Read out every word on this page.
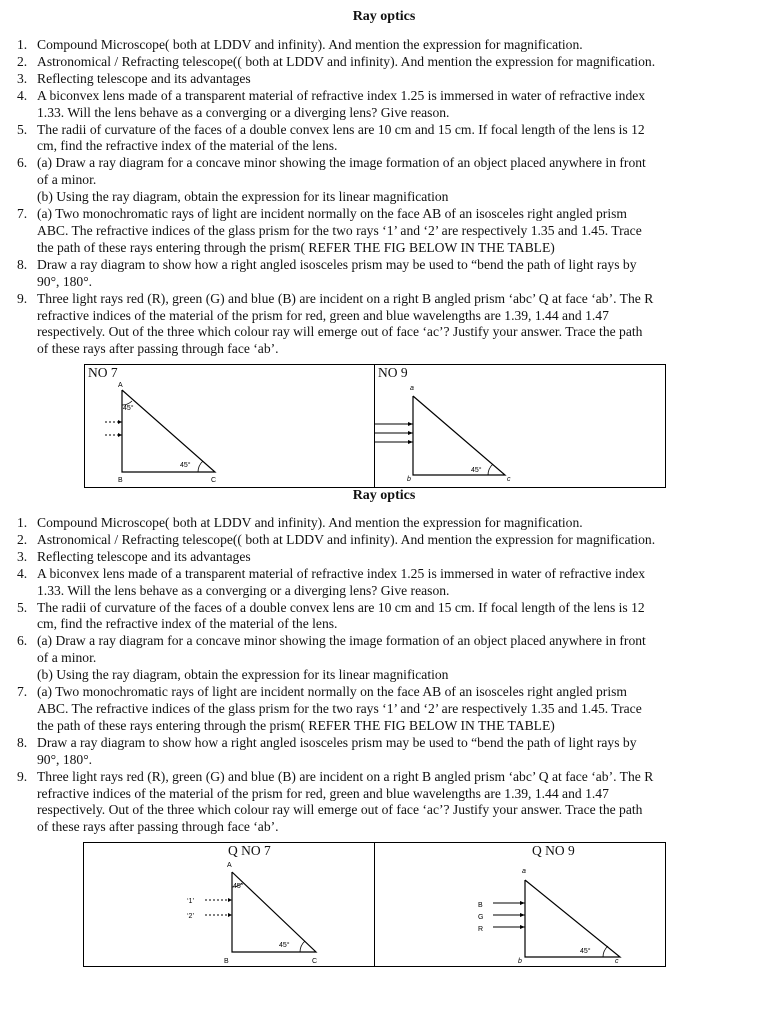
Ray optics

1. Compound Microscope( both at LDDV and infinity). And mention the expression for magnification.
2. Astronomical / Refracting telescope(( both at LDDV and infinity). And mention the expression for magnification.
3. Reflecting telescope and its advantages
4. A biconvex lens made of a transparent material of refractive index 1.25 is immersed in water of refractive index
1.33. Will the lens behave as a converging or a diverging lens? Give reason.
5. The radii of curvature of the faces of a double convex lens are 10 cm and 15 cm. If focal length of the lens is 12
cm, find the refractive index of the material of the lens.
6. (a) Draw a ray diagram for a concave minor showing the image formation of an object placed anywhere in front
of a minor.
(b) Using the ray diagram, obtain the expression for its linear magnification
7. (a) Two monochromatic rays of light are incident normally on the face AB of an isosceles right angled prism
ABC. The refractive indices of the glass prism for the two rays ‘1’ and ‘2’ are respectively 1.35 and 1.45. Trace
the path of these rays entering through the prism( REFER THE FIG BELOW IN THE TABLE)
8. Draw a ray diagram to show how a right angled isosceles prism may be used to “bend the path of light rays by
90°, 180°.
9. Three light rays red (R), green (G) and blue (B) are incident on a right B angled prism ‘abc’ Q at face ‘ab’. The R
refractive indices of the material of the prism for red, green and blue wavelengths are 1.39, 1.44 and 1.47
respectively. Out of the three which colour ray will emerge out of face ‘ac’? Justify your answer. Trace the path
of these rays after passing through face ‘ab’.
NO 7
A
45°
B
45°
C
NO 9
a
b
45°
c

Ray optics

1. Compound Microscope( both at LDDV and infinity). And mention the expression for magnification.
2. Astronomical / Refracting telescope(( both at LDDV and infinity). And mention the expression for magnification.
3. Reflecting telescope and its advantages
4. A biconvex lens made of a transparent material of refractive index 1.25 is immersed in water of refractive index
1.33. Will the lens behave as a converging or a diverging lens? Give reason.
5. The radii of curvature of the faces of a double convex lens are 10 cm and 15 cm. If focal length of the lens is 12
cm, find the refractive index of the material of the lens.
6. (a) Draw a ray diagram for a concave minor showing the image formation of an object placed anywhere in front
of a minor.
(b) Using the ray diagram, obtain the expression for its linear magnification
7. (a) Two monochromatic rays of light are incident normally on the face AB of an isosceles right angled prism
ABC. The refractive indices of the glass prism for the two rays ‘1’ and ‘2’ are respectively 1.35 and 1.45. Trace
the path of these rays entering through the prism( REFER THE FIG BELOW IN THE TABLE)
8. Draw a ray diagram to show how a right angled isosceles prism may be used to “bend the path of light rays by
90°, 180°.
9. Three light rays red (R), green (G) and blue (B) are incident on a right B angled prism ‘abc’ Q at face ‘ab’. The R
refractive indices of the material of the prism for red, green and blue wavelengths are 1.39, 1.44 and 1.47
respectively. Out of the three which colour ray will emerge out of face ‘ac’? Justify your answer. Trace the path
of these rays after passing through face ‘ab’.
Q NO 7
‘1’
‘2’
A
45°
B
45°
C
Q NO 9
B
G
R
a
b
45°
c
